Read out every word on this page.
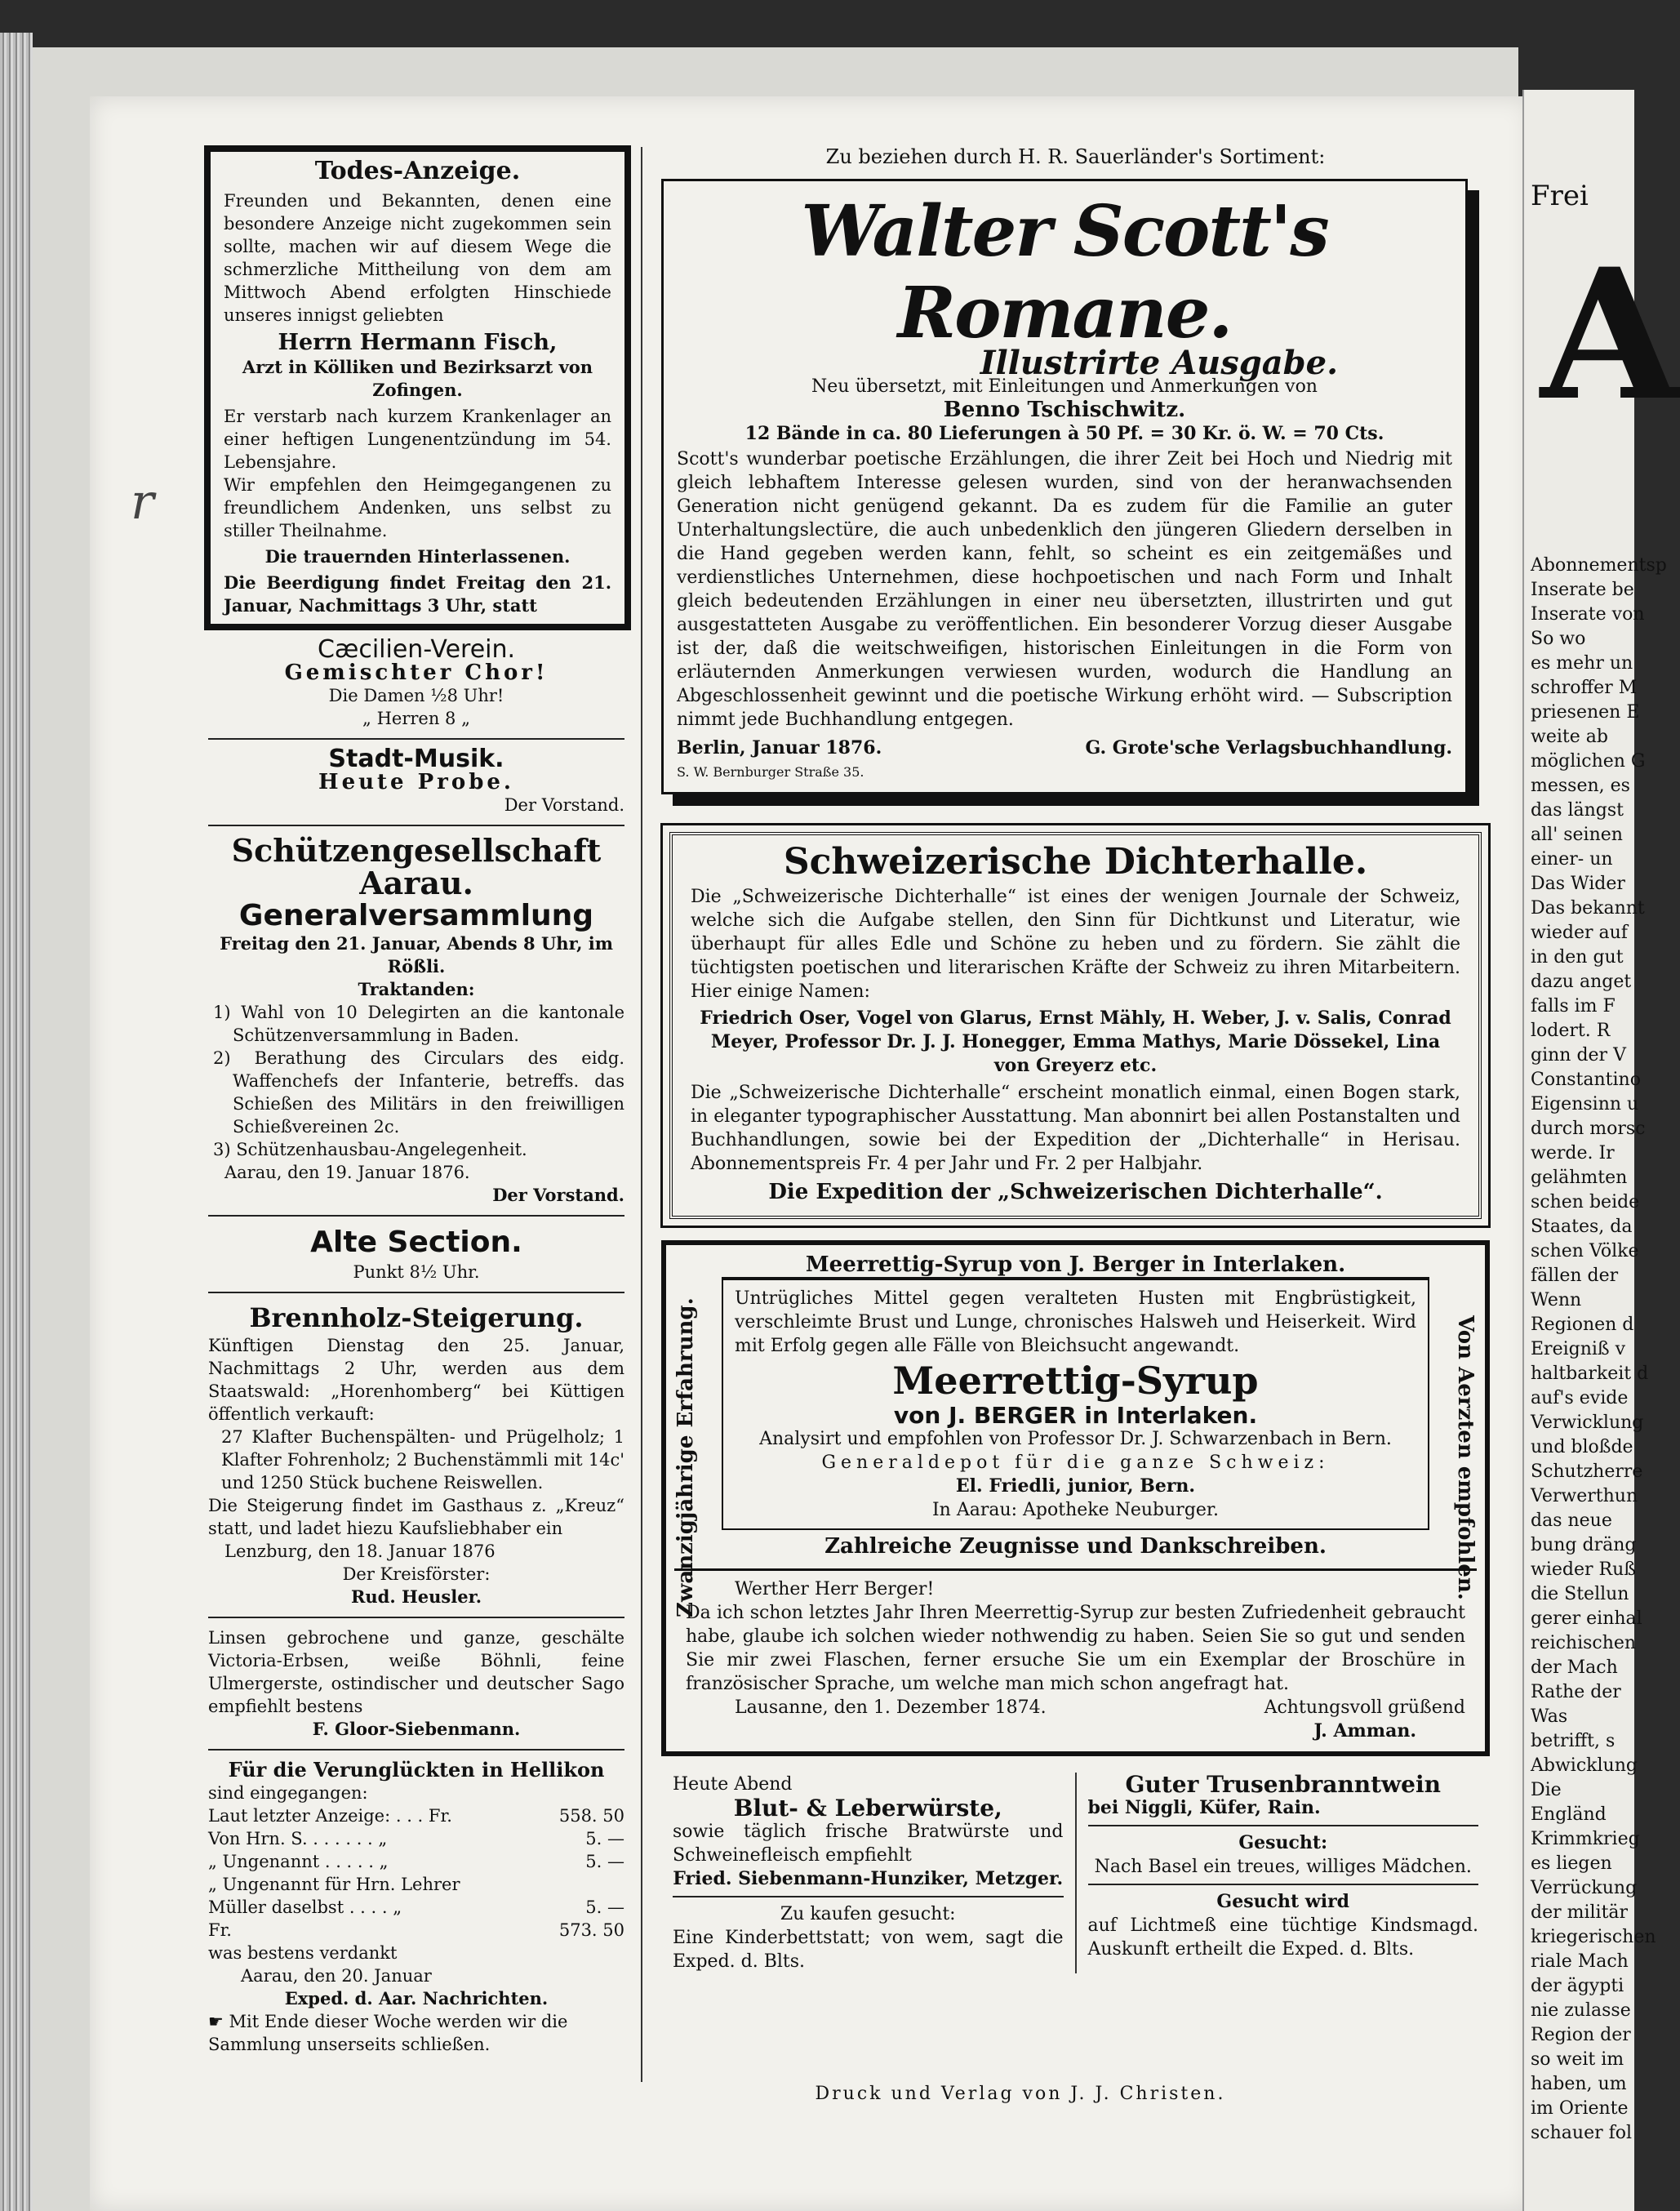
Frei
A
Abonnementsp
Inserate be
Inserate von
So wo
es mehr un
schroffer M
priesenen E
weite ab
möglichen G
messen, es
das längst
all' seinen
einer- un
Das Wider
Das bekannt
wieder auf
in den gut
dazu anget
falls im F
lodert. R
ginn der V
Constantino
Eigensinn u
durch morsc
werde. Ir
gelähmten
schen beide
Staates, da
schen Völke
fällen der
Wenn
Regionen d
Ereigniß v
haltbarkeit d
auf's evide
Verwicklung
und bloßde
Schutzherre
Verwerthun
das neue
bung dräng
wieder Ruß
die Stellun
gerer einhal
reichischen
der Mach
Rathe der
Was
betrifft, s
Abwicklung
Die
Engländ
Krimmkrieg
es liegen
Verrückung
der militär
kriegerischen
riale Mach
der ägypti
nie zulasse
Region der
so weit im
haben, um
im Oriente
schauer fol
r
Todes-Anzeige.

Freunden und Bekannten, denen eine besondere Anzeige nicht zugekommen sein sollte, machen wir auf diesem Wege die schmerzliche Mittheilung von dem am Mittwoch Abend erfolgten Hinschiede unseres innigst geliebten

Herrn Hermann Fisch,
Arzt in Kölliken und Bezirksarzt von Zofingen.

Er verstarb nach kurzem Krankenlager an einer heftigen Lungenentzündung im 54. Lebensjahre.

Wir empfehlen den Heimgegangenen zu freundlichem Andenken, uns selbst zu stiller Theilnahme.

Die trauernden Hinterlassenen.

Die Beerdigung findet Freitag den 21. Januar, Nachmittags 3 Uhr, statt

Cæcilien-Verein.
Gemischter Chor!
Die Damen ½8 Uhr!
„ Herren 8 „
Stadt-Musik.
Heute Probe.
Der Vorstand.
Schützengesellschaft Aarau.
Generalversammlung
Freitag den 21. Januar, Abends 8 Uhr, im Rößli.
Traktanden:
1) Wahl von 10 Delegirten an die kantonale Schützenversammlung in Baden.
2) Berathung des Circulars des eidg. Waffenchefs der Infanterie, betreffs. das Schießen des Militärs in den freiwilligen Schießvereinen 2c.
3) Schützenhausbau-Angelegenheit.
Aarau, den 19. Januar 1876.
Der Vorstand.
Alte Section.
Punkt 8½ Uhr.
Brennholz-Steigerung.

Künftigen Dienstag den 25. Januar, Nachmittags 2 Uhr, werden aus dem Staatswald: „Horenhomberg“ bei Küttigen öffentlich verkauft:

27 Klafter Buchenspälten- und Prügelholz; 1 Klafter Fohrenholz; 2 Buchenstämmli mit 14c' und 1250 Stück buchene Reiswellen.

Die Steigerung findet im Gasthaus z. „Kreuz“ statt, und ladet hiezu Kaufsliebhaber ein

Lenzburg, den 18. Januar 1876
Der Kreisförster:
Rud. Heusler.

Linsen gebrochene und ganze, geschälte Victoria-Erbsen, weiße Böhnli, feine Ulmergerste, ostindischer und deutscher Sago empfiehlt bestens

F. Gloor-Siebenmann.
Für die Verunglückten in Hellikon
sind eingegangen:
Laut letzter Anzeige: . . . Fr.	558. 50
Von Hrn. S. . . . . . . „	5. —
„ Ungenannt . . . . . „	5. —
„ Ungenannt für Hrn. Lehrer
Müller daselbst . . . . „	5. —
Fr.	573. 50
was bestens verdankt
Aarau, den 20. Januar
Exped. d. Aar. Nachrichten.
☛ Mit Ende dieser Woche werden wir die Sammlung unserseits schließen.
Zu beziehen durch H. R. Sauerländer's Sortiment:
Walter Scott's Romane.
Illustrirte Ausgabe.
Neu übersetzt, mit Einleitungen und Anmerkungen von
Benno Tschischwitz.
12 Bände in ca. 80 Lieferungen à 50 Pf. = 30 Kr. ö. W. = 70 Cts.

Scott's wunderbar poetische Erzählungen, die ihrer Zeit bei Hoch und Niedrig mit gleich lebhaftem Interesse gelesen wurden, sind von der heranwachsenden Generation nicht genügend gekannt. Da es zudem für die Familie an guter Unterhaltungslectüre, die auch unbedenklich den jüngeren Gliedern derselben in die Hand gegeben werden kann, fehlt, so scheint es ein zeitgemäßes und verdienstliches Unternehmen, diese hochpoetischen und nach Form und Inhalt gleich bedeutenden Erzählungen in einer neu übersetzten, illustrirten und gut ausgestatteten Ausgabe zu veröffentlichen. Ein besonderer Vorzug dieser Ausgabe ist der, daß die weitschweifigen, historischen Einleitungen in die Form von erläuternden Anmerkungen verwiesen wurden, wodurch die Handlung an Abgeschlossenheit gewinnt und die poetische Wirkung erhöht wird. — Subscription nimmt jede Buchhandlung entgegen.

Berlin, Januar 1876.	G. Grote'sche Verlagsbuchhandlung.
S. W. Bernburger Straße 35.
Schweizerische Dichterhalle.

Die „Schweizerische Dichterhalle“ ist eines der wenigen Journale der Schweiz, welche sich die Aufgabe stellen, den Sinn für Dichtkunst und Literatur, wie überhaupt für alles Edle und Schöne zu heben und zu fördern. Sie zählt die tüchtigsten poetischen und literarischen Kräfte der Schweiz zu ihren Mitarbeitern. Hier einige Namen:

Friedrich Oser, Vogel von Glarus, Ernst Mähly, H. Weber, J. v. Salis, Conrad Meyer, Professor Dr. J. J. Honegger, Emma Mathys, Marie Dössekel, Lina von Greyerz etc.

Die „Schweizerische Dichterhalle“ erscheint monatlich einmal, einen Bogen stark, in eleganter typographischer Ausstattung. Man abonnirt bei allen Postanstalten und Buchhandlungen, sowie bei der Expedition der „Dichterhalle“ in Herisau. Abonnementspreis Fr. 4 per Jahr und Fr. 2 per Halbjahr.

Die Expedition der „Schweizerischen Dichterhalle“.
Zwanzigjährige Erfahrung.	Von Aerzten empfohlen.
Meerrettig-Syrup von J. Berger in Interlaken.

Untrügliches Mittel gegen veralteten Husten mit Engbrüstigkeit, verschleimte Brust und Lunge, chronisches Halsweh und Heiserkeit. Wird mit Erfolg gegen alle Fälle von Bleichsucht angewandt.

Meerrettig-Syrup
von J. BERGER in Interlaken.
Analysirt und empfohlen von Professor Dr. J. Schwarzenbach in Bern.
Generaldepot für die ganze Schweiz:
El. Friedli, junior, Bern.
In Aarau: Apotheke Neuburger.
Zahlreiche Zeugnisse und Dankschreiben.
Werther Herr Berger!

Da ich schon letztes Jahr Ihren Meerrettig-Syrup zur besten Zufriedenheit gebraucht habe, glaube ich solchen wieder nothwendig zu haben. Seien Sie so gut und senden Sie mir zwei Flaschen, ferner ersuche Sie um ein Exemplar der Broschüre in französischer Sprache, um welche man mich schon angefragt hat.

Lausanne, den 1. Dezember 1874.	Achtungsvoll grüßend
J. Amman.
Heute Abend
Blut- & Leberwürste,

sowie täglich frische Bratwürste und Schweinefleisch empfiehlt

Fried. Siebenmann-Hunziker, Metzger.
Zu kaufen gesucht:

Eine Kinderbettstatt; von wem, sagt die Exped. d. Blts.

Guter Trusenbranntwein
bei Niggli, Küfer, Rain.
Gesucht:
Nach Basel ein treues, williges Mädchen.
Gesucht wird

auf Lichtmeß eine tüchtige Kindsmagd. Auskunft ertheilt die Exped. d. Blts.

Druck und Verlag von J. J. Christen.
